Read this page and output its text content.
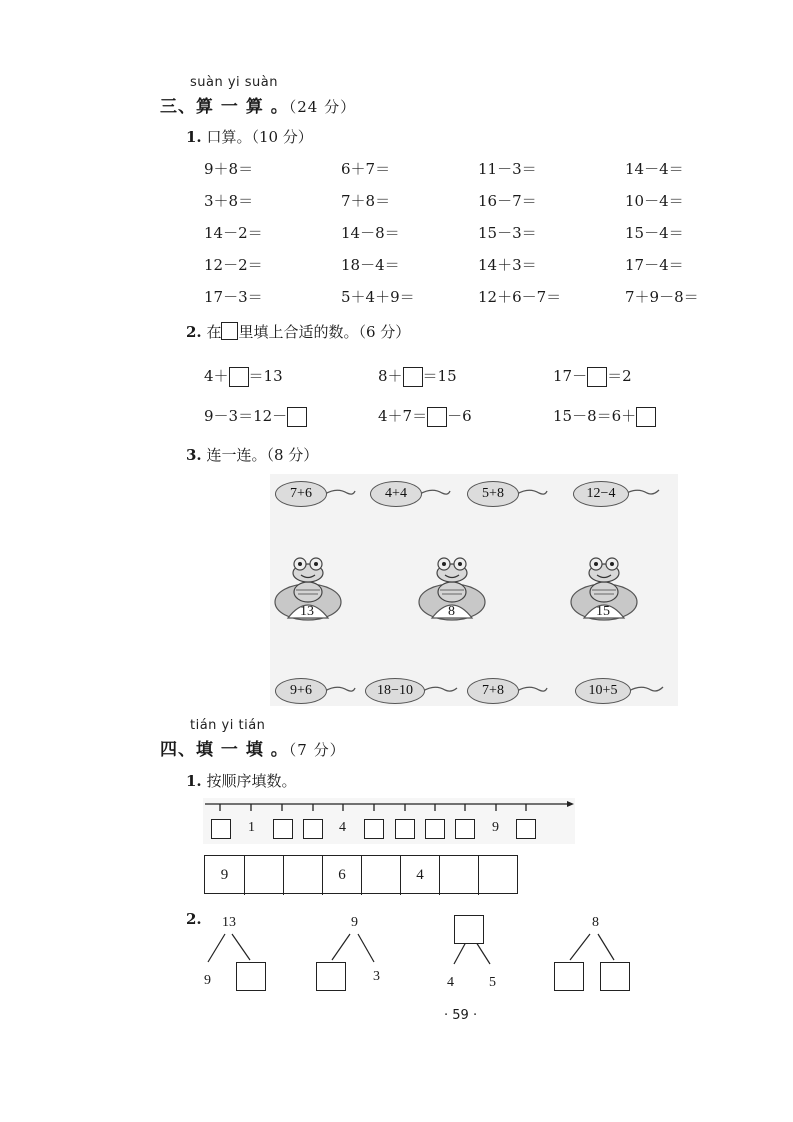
suàn yi suàn
三、算 一 算 。（24 分）
1. 口算。（10 分）
9＋8＝	6＋7＝	11－3＝	14－4＝
3＋8＝	7＋8＝	16－7＝	10－4＝
14－2＝	14－8＝	15－3＝	15－4＝
12－2＝	18－4＝	14＋3＝	17－4＝
17－3＝	5＋4＋9＝	12＋6－7＝	7＋9－8＝
2. 在 里填上合适的数。（6 分）
4＋ ＝13	8＋ ＝15	17－ ＝2
9－3＝12－	4＋7＝ －6	15－8＝6＋
3. 连一连。（8 分）
7+6	4+4	5+8	12−4
13	8	15
9+6	18−10	7+8	10+5
tián yi tián
四、填 一 填 。（7 分）
1. 按顺序填数。
1	4	9
9	6	4
2. 13
9
9
3	4	5
8
· 59 ·
